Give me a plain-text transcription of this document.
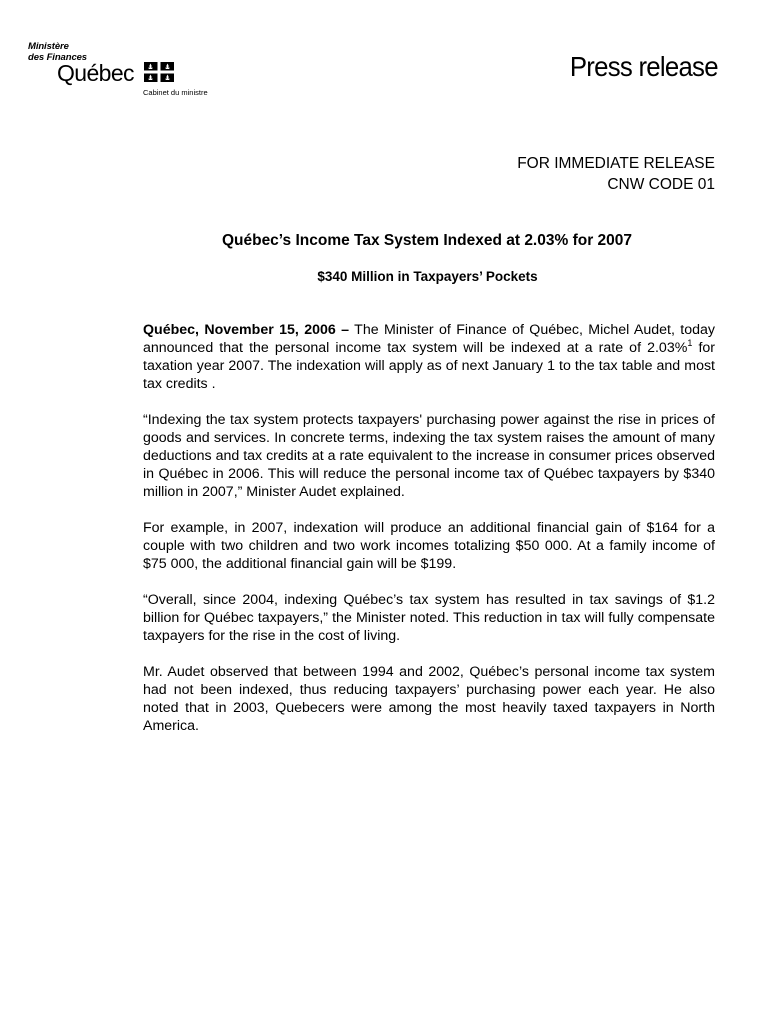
Ministère
des Finances
Québec
Cabinet du ministre
Press release
FOR IMMEDIATE RELEASE
CNW CODE 01
Québec’s Income Tax System Indexed at 2.03% for 2007
$340 Million in Taxpayers’ Pockets

Québec, November 15, 2006 – The Minister of Finance of Québec, Michel Audet, today announced that the personal income tax system will be indexed at a rate of 2.03%$^1$ for taxation year 2007. The indexation will apply as of next January 1 to the tax table and most tax credits .

“Indexing the tax system protects taxpayers' purchasing power against the rise in prices of goods and services. In concrete terms, indexing the tax system raises the amount of many deductions and tax credits at a rate equivalent to the increase in consumer prices observed in Québec in 2006. This will reduce the personal income tax of Québec taxpayers by $340 million in 2007,” Minister Audet explained.

For example, in 2007, indexation will produce an additional financial gain of $164 for a couple with two children and two work incomes totalizing $50 000. At a family income of $75 000, the additional financial gain will be $199.

“Overall, since 2004, indexing Québec’s tax system has resulted in tax savings of $1.2 billion for Québec taxpayers,” the Minister noted. This reduction in tax will fully compensate taxpayers for the rise in the cost of living.

Mr. Audet observed that between 1994 and 2002, Québec’s personal income tax system had not been indexed, thus reducing taxpayers’ purchasing power each year. He also noted that in 2003, Quebecers were among the most heavily taxed taxpayers in North America.
